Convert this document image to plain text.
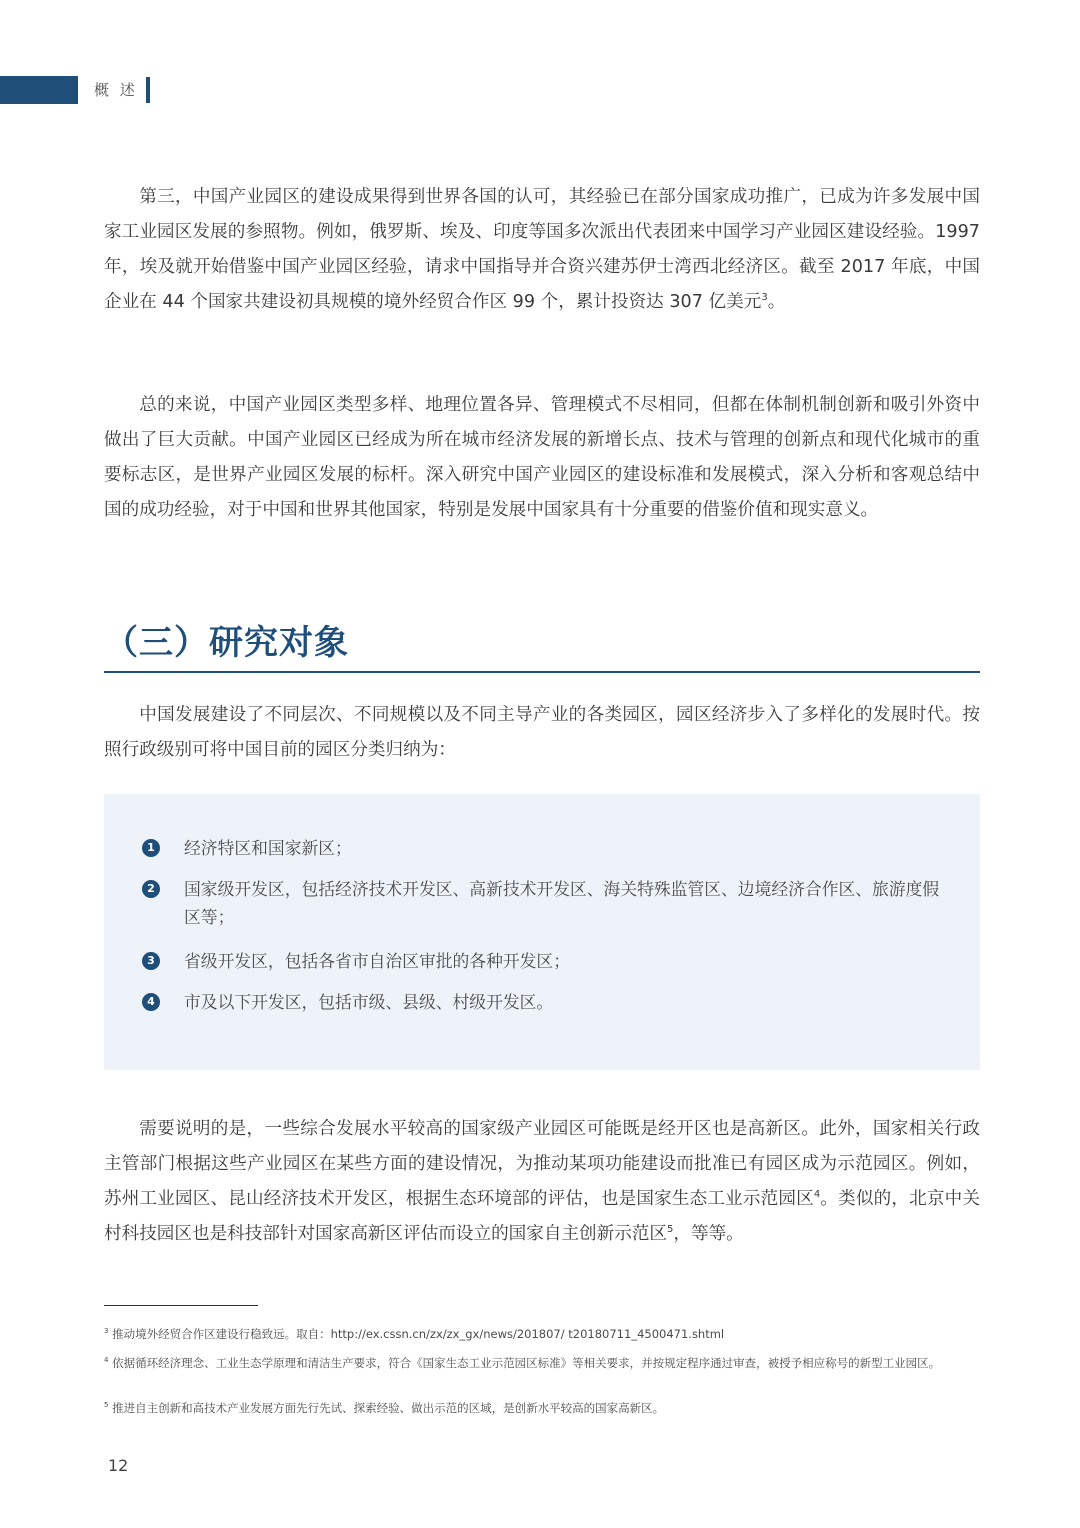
概 述

第三，中国产业园区的建设成果得到世界各国的认可，其经验已在部分国家成功推广，已成为许多发展中国家工业园区发展的参照物。例如，俄罗斯、埃及、印度等国多次派出代表团来中国学习产业园区建设经验。1997 年，埃及就开始借鉴中国产业园区经验，请求中国指导并合资兴建苏伊士湾西北经济区。截至 2017 年底，中国企业在 44 个国家共建设初具规模的境外经贸合作区 99 个，累计投资达 307 亿美元$^3$。

总的来说，中国产业园区类型多样、地理位置各异、管理模式不尽相同，但都在体制机制创新和吸引外资中做出了巨大贡献。中国产业园区已经成为所在城市经济发展的新增长点、技术与管理的创新点和现代化城市的重要标志区，是世界产业园区发展的标杆。深入研究中国产业园区的建设标准和发展模式，深入分析和客观总结中国的成功经验，对于中国和世界其他国家，特别是发展中国家具有十分重要的借鉴价值和现实意义。

（三）研究对象

中国发展建设了不同层次、不同规模以及不同主导产业的各类园区，园区经济步入了多样化的发展时代。按照行政级别可将中国目前的园区分类归纳为：

1	经济特区和国家新区；
2	国家级开发区，包括经济技术开发区、高新技术开发区、海关特殊监管区、边境经济合作区、旅游度假区等；
3	省级开发区，包括各省市自治区审批的各种开发区；
4	市及以下开发区，包括市级、县级、村级开发区。

需要说明的是，一些综合发展水平较高的国家级产业园区可能既是经开区也是高新区。此外，国家相关行政主管部门根据这些产业园区在某些方面的建设情况，为推动某项功能建设而批准已有园区成为示范园区。例如，苏州工业园区、昆山经济技术开发区，根据生态环境部的评估，也是国家生态工业示范园区$^4$。类似的，北京中关村科技园区也是科技部针对国家高新区评估而设立的国家自主创新示范区$^5$，等等。

$^3$ 推动境外经贸合作区建设行稳致远。取自：http://ex.cssn.cn/zx/zx_gx/news/201807/ t20180711_4500471.shtml

$^4$ 依据循环经济理念、工业生态学原理和清洁生产要求，符合《国家生态工业示范园区标准》等相关要求，并按规定程序通过审查，被授予相应称号的新型工业园区。

$^5$ 推进自主创新和高技术产业发展方面先行先试、探索经验、做出示范的区域，是创新水平较高的国家高新区。

12
